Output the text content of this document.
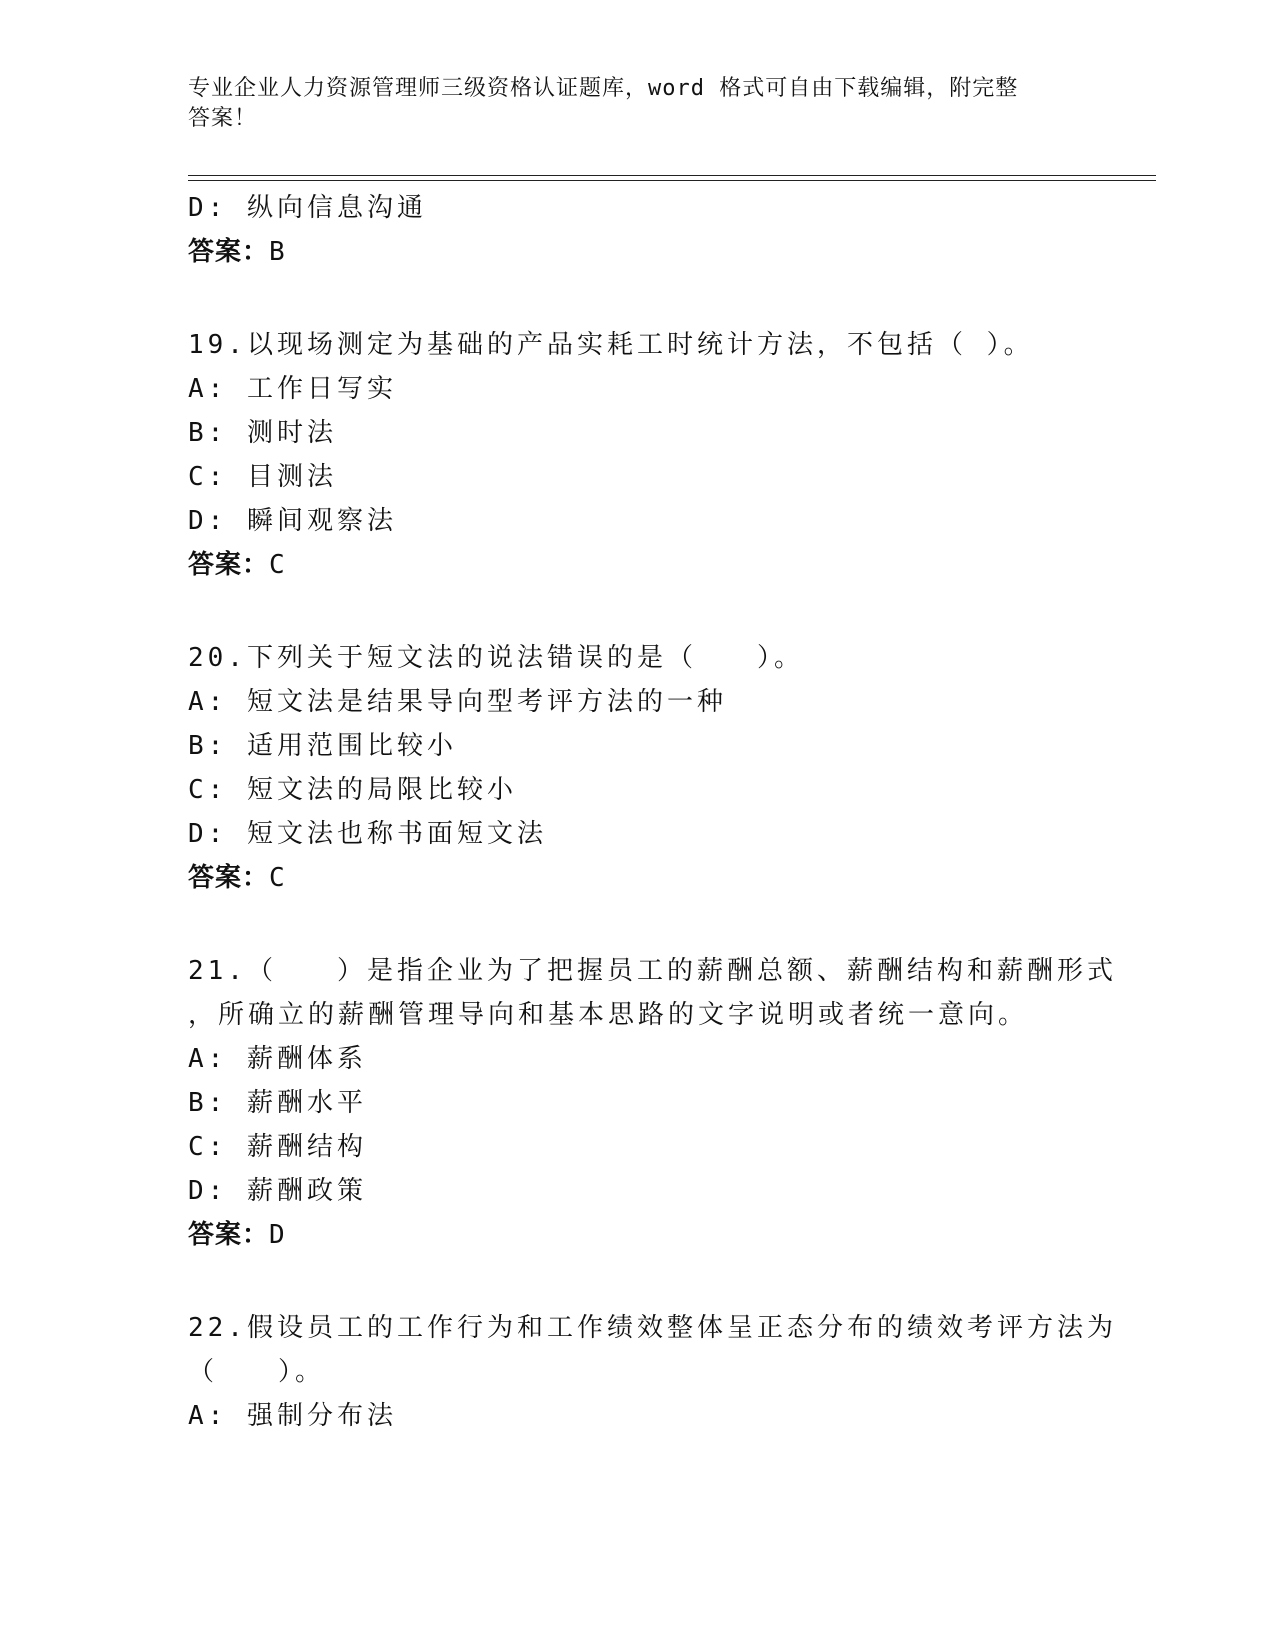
专业企业人力资源管理师三级资格认证题库，word 格式可自由下载编辑，附完整
答案！
D: 纵向信息沟通
答案：B
19.以现场测定为基础的产品实耗工时统计方法，不包括（ ）。
A: 工作日写实
B: 测时法
C: 目测法
D: 瞬间观察法
答案：C
20.下列关于短文法的说法错误的是（　　）。
A: 短文法是结果导向型考评方法的一种
B: 适用范围比较小
C: 短文法的局限比较小
D: 短文法也称书面短文法
答案：C
21.（　　）是指企业为了把握员工的薪酬总额、薪酬结构和薪酬形式
，所确立的薪酬管理导向和基本思路的文字说明或者统一意向。
A: 薪酬体系
B: 薪酬水平
C: 薪酬结构
D: 薪酬政策
答案：D
22.假设员工的工作行为和工作绩效整体呈正态分布的绩效考评方法为
（　　）。
A: 强制分布法
